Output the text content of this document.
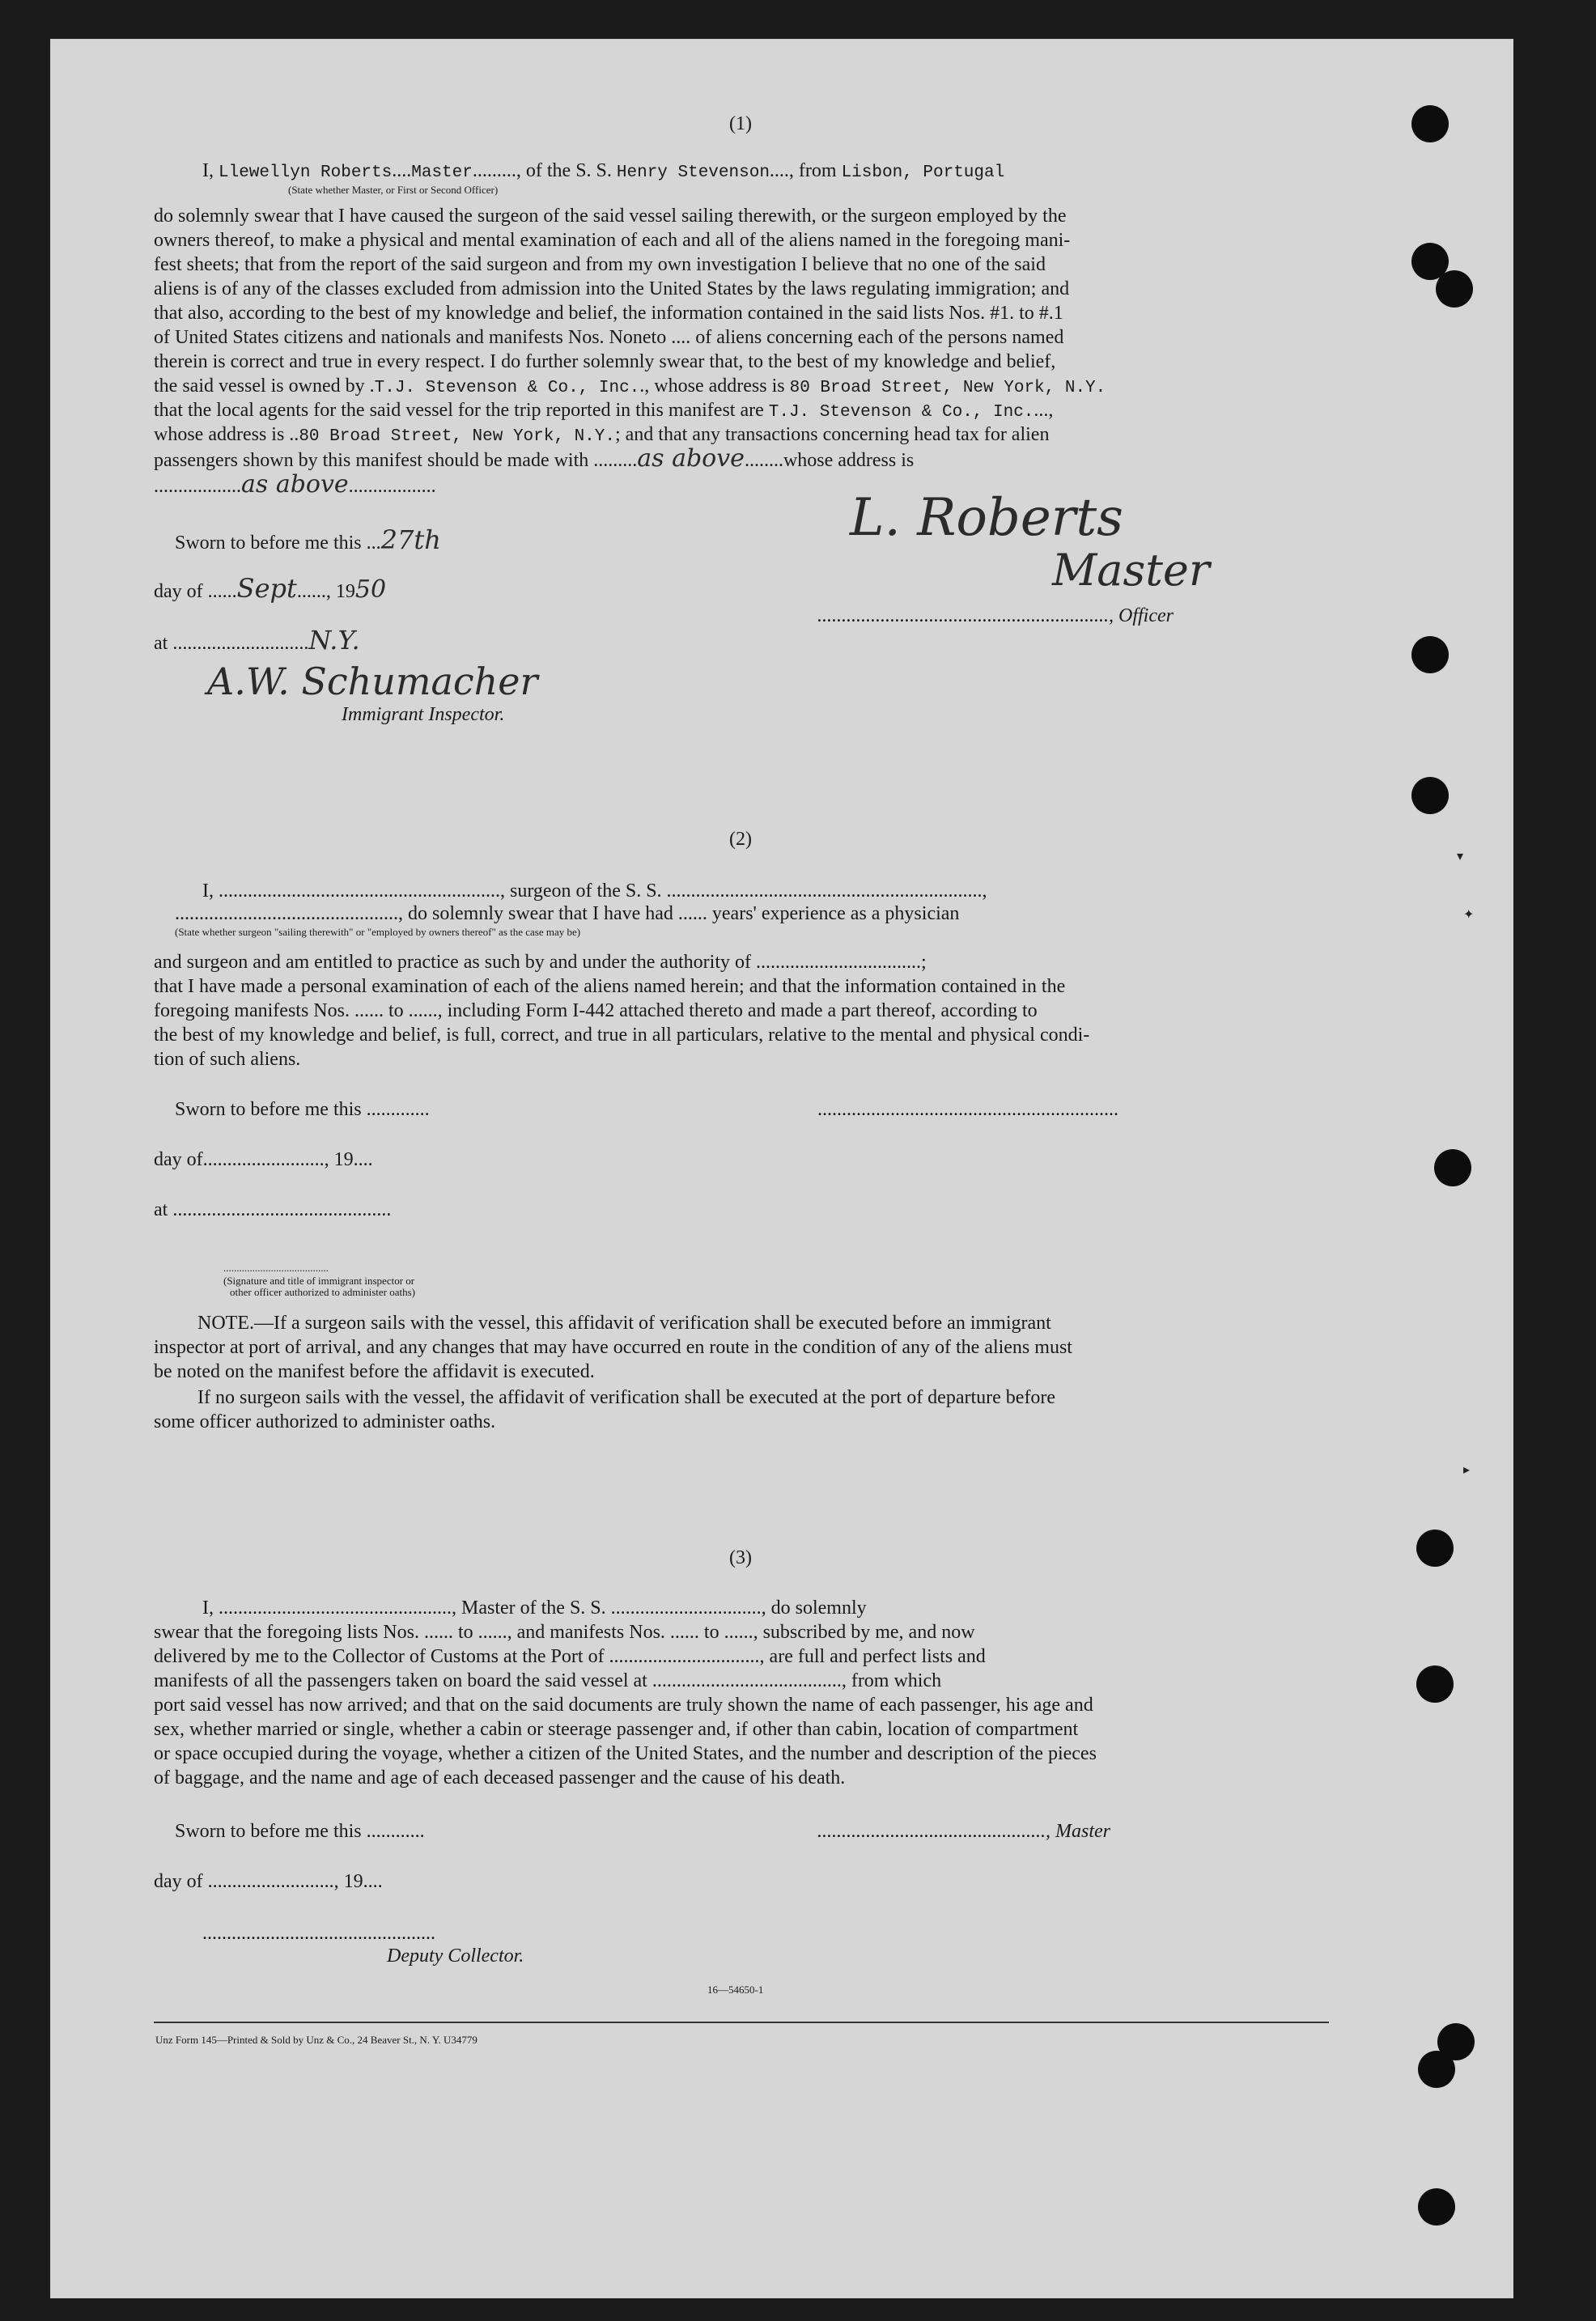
▾
✦
▸
(1)
I, Llewellyn Roberts....Master........., of the S. S. Henry Stevenson...., from Lisbon, Portugal
(State whether Master, or First or Second Officer)
do solemnly swear that I have caused the surgeon of the said vessel sailing therewith, or the surgeon employed by the
owners thereof, to make a physical and mental examination of each and all of the aliens named in the foregoing mani-
fest sheets; that from the report of the said surgeon and from my own investigation I believe that no one of the said
aliens is of any of the classes excluded from admission into the United States by the laws regulating immigration; and
that also, according to the best of my knowledge and belief, the information contained in the said lists Nos. #1. to #.1
of United States citizens and nationals and manifests Nos. Noneto .... of aliens concerning each of the persons named
therein is correct and true in every respect. I do further solemnly swear that, to the best of my knowledge and belief,
the said vessel is owned by .T.J. Stevenson & Co., Inc.., whose address is 80 Broad Street, New York, N.Y.
that the local agents for the said vessel for the trip reported in this manifest are T.J. Stevenson & Co., Inc....,
whose address is ..80 Broad Street, New York, N.Y.; and that any transactions concerning head tax for alien
passengers shown by this manifest should be made with .........as above........whose address is
..................as above..................
Sworn to before me this ...27th
day of ......Sept......, 1950
at ............................N.Y.
A.W. Schumacher
Immigrant Inspector.
L. Roberts
Master
............................................................, Officer
(2)
I, .........................................................., surgeon of the S. S. .................................................................,
.............................................., do solemnly swear that I have had ...... years' experience as a physician
(State whether surgeon "sailing therewith" or "employed by owners thereof" as the case may be)
and surgeon and am entitled to practice as such by and under the authority of ..................................;
that I have made a personal examination of each of the aliens named herein; and that the information contained in the
foregoing manifests Nos. ...... to ......, including Form I-442 attached thereto and made a part thereof, according to
the best of my knowledge and belief, is full, correct, and true in all particulars, relative to the mental and physical condi-
tion of such aliens.
Sworn to before me this .............	..............................................................
day of........................., 19....
at .............................................
........................................
(Signature and title of immigrant inspector or
other officer authorized to administer oaths)
NOTE.—If a surgeon sails with the vessel, this affidavit of verification shall be executed before an immigrant
inspector at port of arrival, and any changes that may have occurred en route in the condition of any of the aliens must
be noted on the manifest before the affidavit is executed.
If no surgeon sails with the vessel, the affidavit of verification shall be executed at the port of departure before
some officer authorized to administer oaths.
(3)
I, ................................................, Master of the S. S. ..............................., do solemnly
swear that the foregoing lists Nos. ...... to ......, and manifests Nos. ...... to ......, subscribed by me, and now
delivered by me to the Collector of Customs at the Port of ..............................., are full and perfect lists and
manifests of all the passengers taken on board the said vessel at ......................................., from which
port said vessel has now arrived; and that on the said documents are truly shown the name of each passenger, his age and
sex, whether married or single, whether a cabin or steerage passenger and, if other than cabin, location of compartment
or space occupied during the voyage, whether a citizen of the United States, and the number and description of the pieces
of baggage, and the name and age of each deceased passenger and the cause of his death.
Sworn to before me this ............	..............................................., Master
day of .........................., 19....
................................................
Deputy Collector.
16—54650-1
Unz Form 145—Printed & Sold by Unz & Co., 24 Beaver St., N. Y. U34779
